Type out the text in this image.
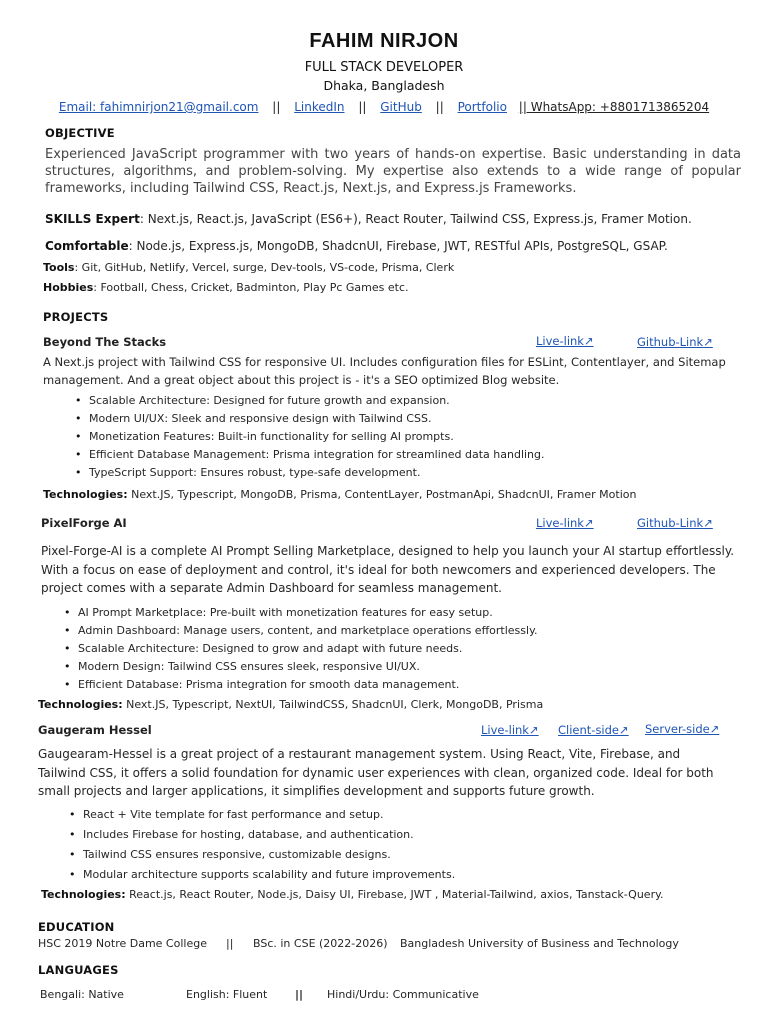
FAHIM NIRJON
FULL STACK DEVELOPER
Dhaka, Bangladesh
Email: fahimnirjon21@gmail.com || LinkedIn || GitHub || Portfolio || WhatsApp: +8801713865204
OBJECTIVE
Experienced JavaScript programmer with two years of hands-on expertise. Basic understanding in data structures, algorithms, and problem-solving. My expertise also extends to a wide range of popular frameworks, including Tailwind CSS, React.js, Next.js, and Express.js Frameworks.
SKILLS Expert: Next.js, React.js, JavaScript (ES6+), React Router, Tailwind CSS, Express.js, Framer Motion.
Comfortable: Node.js, Express.js, MongoDB, ShadcnUI, Firebase, JWT, RESTful APIs, PostgreSQL, GSAP.
Tools: Git, GitHub, Netlify, Vercel, surge, Dev-tools, VS-code, Prisma, Clerk
Hobbies: Football, Chess, Cricket, Badminton, Play Pc Games etc.
PROJECTS
Beyond The Stacks	Live-link↗	Github-Link↗
A Next.js project with Tailwind CSS for responsive UI. Includes configuration files for ESLint, Contentlayer, and Sitemap management. And a great object about this project is - it's a SEO optimized Blog website.
• Scalable Architecture: Designed for future growth and expansion.
• Modern UI/UX: Sleek and responsive design with Tailwind CSS.
• Monetization Features: Built-in functionality for selling AI prompts.
• Efficient Database Management: Prisma integration for streamlined data handling.
• TypeScript Support: Ensures robust, type-safe development.
Technologies: Next.JS, Typescript, MongoDB, Prisma, ContentLayer, PostmanApi, ShadcnUI, Framer Motion
PixelForge AI	Live-link↗	Github-Link↗
Pixel-Forge-AI is a complete AI Prompt Selling Marketplace, designed to help you launch your AI startup effortlessly. With a focus on ease of deployment and control, it's ideal for both newcomers and experienced developers. The project comes with a separate Admin Dashboard for seamless management.
• AI Prompt Marketplace: Pre-built with monetization features for easy setup.
• Admin Dashboard: Manage users, content, and marketplace operations effortlessly.
• Scalable Architecture: Designed to grow and adapt with future needs.
• Modern Design: Tailwind CSS ensures sleek, responsive UI/UX.
• Efficient Database: Prisma integration for smooth data management.
Technologies: Next.JS, Typescript, NextUI, TailwindCSS, ShadcnUI, Clerk, MongoDB, Prisma
Gaugeram Hessel	Live-link↗ Client-side↗ Server-side↗
Gaugearam-Hessel is a great project of a restaurant management system. Using React, Vite, Firebase, and Tailwind CSS, it offers a solid foundation for dynamic user experiences with clean, organized code. Ideal for both small projects and larger applications, it simplifies development and supports future growth.
• React + Vite template for fast performance and setup.
• Includes Firebase for hosting, database, and authentication.
• Tailwind CSS ensures responsive, customizable designs.
• Modular architecture supports scalability and future improvements.
Technologies: React.js, React Router, Node.js, Daisy UI, Firebase, JWT , Material-Tailwind, axios, Tanstack-Query.
EDUCATION
HSC 2019 Notre Dame College || BSc. in CSE (2022-2026) Bangladesh University of Business and Technology
LANGUAGES
Bengali: Native	English: Fluent	|| Hindi/Urdu: Communicative
